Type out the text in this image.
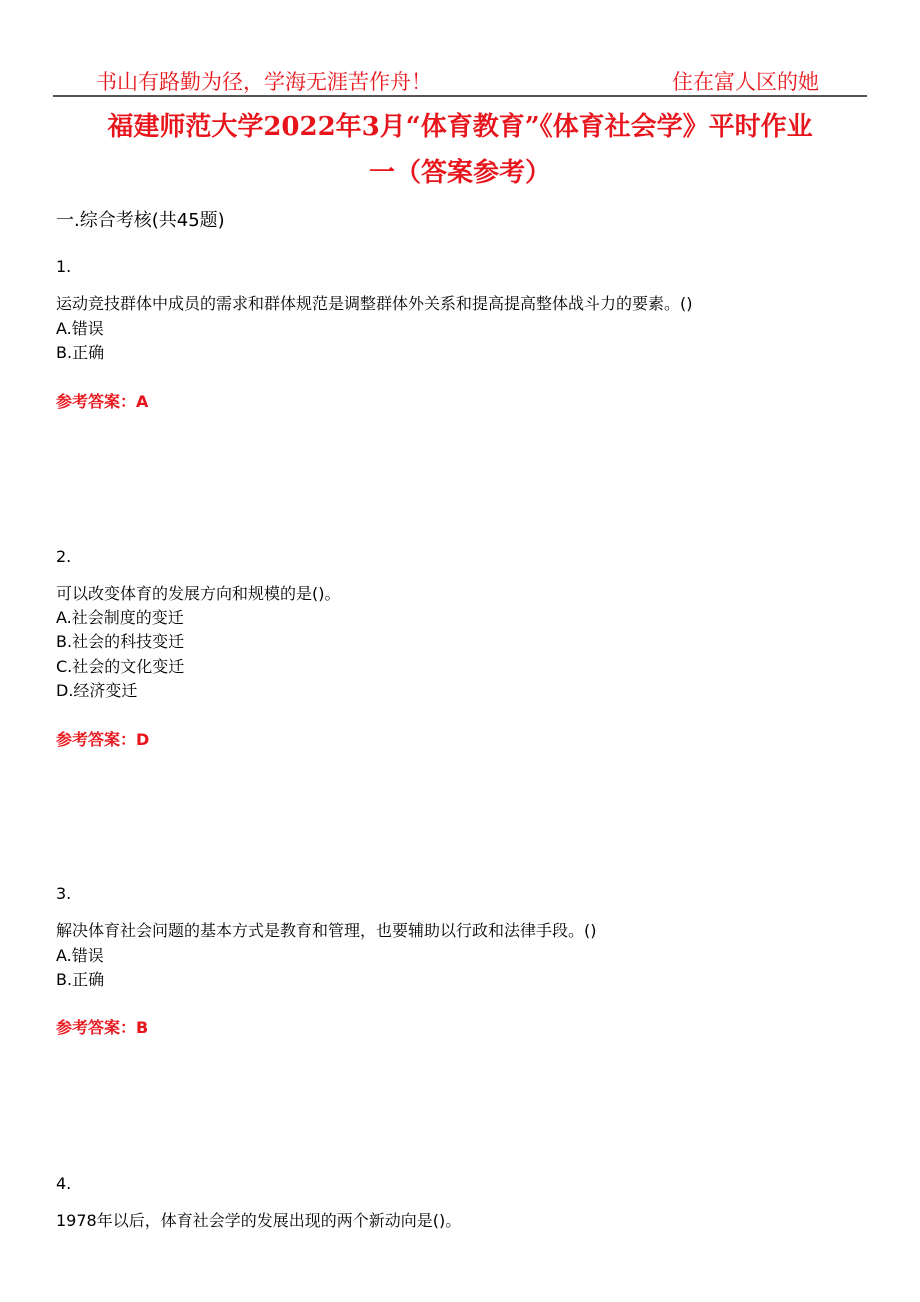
书山有路勤为径，学海无涯苦作舟！	住在富人区的她
福建师范大学2022年3月“体育教育”《体育社会学》平时作业
一（答案参考）
一.综合考核(共45题)
1.
运动竞技群体中成员的需求和群体规范是调整群体外关系和提高提高整体战斗力的要素。()
A.错误
B.正确
参考答案：A
2.
可以改变体育的发展方向和规模的是()。
A.社会制度的变迁
B.社会的科技变迁
C.社会的文化变迁
D.经济变迁
参考答案：D
3.
解决体育社会问题的基本方式是教育和管理，也要辅助以行政和法律手段。()
A.错误
B.正确
参考答案：B
4.
1978年以后，体育社会学的发展出现的两个新动向是()。
